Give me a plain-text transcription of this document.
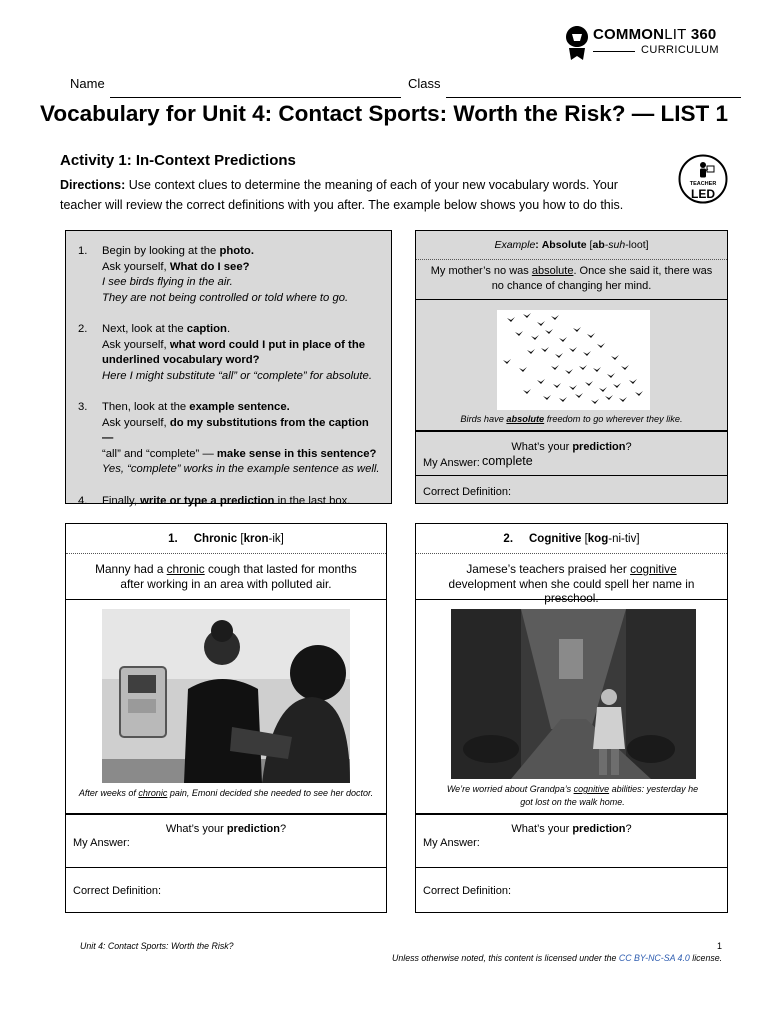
COMMONLIT 360
CURRICULUM
Name	Class
Vocabulary for Unit 4: Contact Sports: Worth the Risk? — LIST 1
Activity 1: In-Context Predictions
Directions: Use context clues to determine the meaning of each of your new vocabulary words. Your teacher will review the correct definitions with you after. The example below shows you how to do this.
TEACHER
LED
1. Begin by looking at the photo.
Ask yourself, What do I see?
I see birds flying in the air.
They are not being controlled or told where to go.
2. Next, look at the caption.
Ask yourself, what word could I put in place of the underlined vocabulary word?
Here I might substitute “all” or “complete” for absolute.
3. Then, look at the example sentence.
Ask yourself, do my substitutions from the caption —
“all” and “complete” — make sense in this sentence?
Yes, “complete” works in the example sentence as well.
4. Finally, write or type a prediction in the last box.
Example: Absolute [ab-suh-loot]
My mother’s no was absolute. Once she said it, there was no chance of changing her mind.
Birds have absolute freedom to go wherever they like.
What’s your prediction?
My Answer: complete
Correct Definition:
1. Chronic [kron-ik]
Manny had a chronic cough that lasted for months after working in an area with polluted air.
After weeks of chronic pain, Emoni decided she needed to see her doctor.
What’s your prediction?
My Answer:
Correct Definition:
2. Cognitive [kog-ni-tiv]
Jamese’s teachers praised her cognitive development when she could spell her name in preschool.
We’re worried about Grandpa’s cognitive abilities: yesterday he got lost on the walk home.
What’s your prediction?
My Answer:
Correct Definition:
Unit 4: Contact Sports: Worth the Risk?	1
Unless otherwise noted, this content is licensed under the CC BY-NC-SA 4.0 license.
